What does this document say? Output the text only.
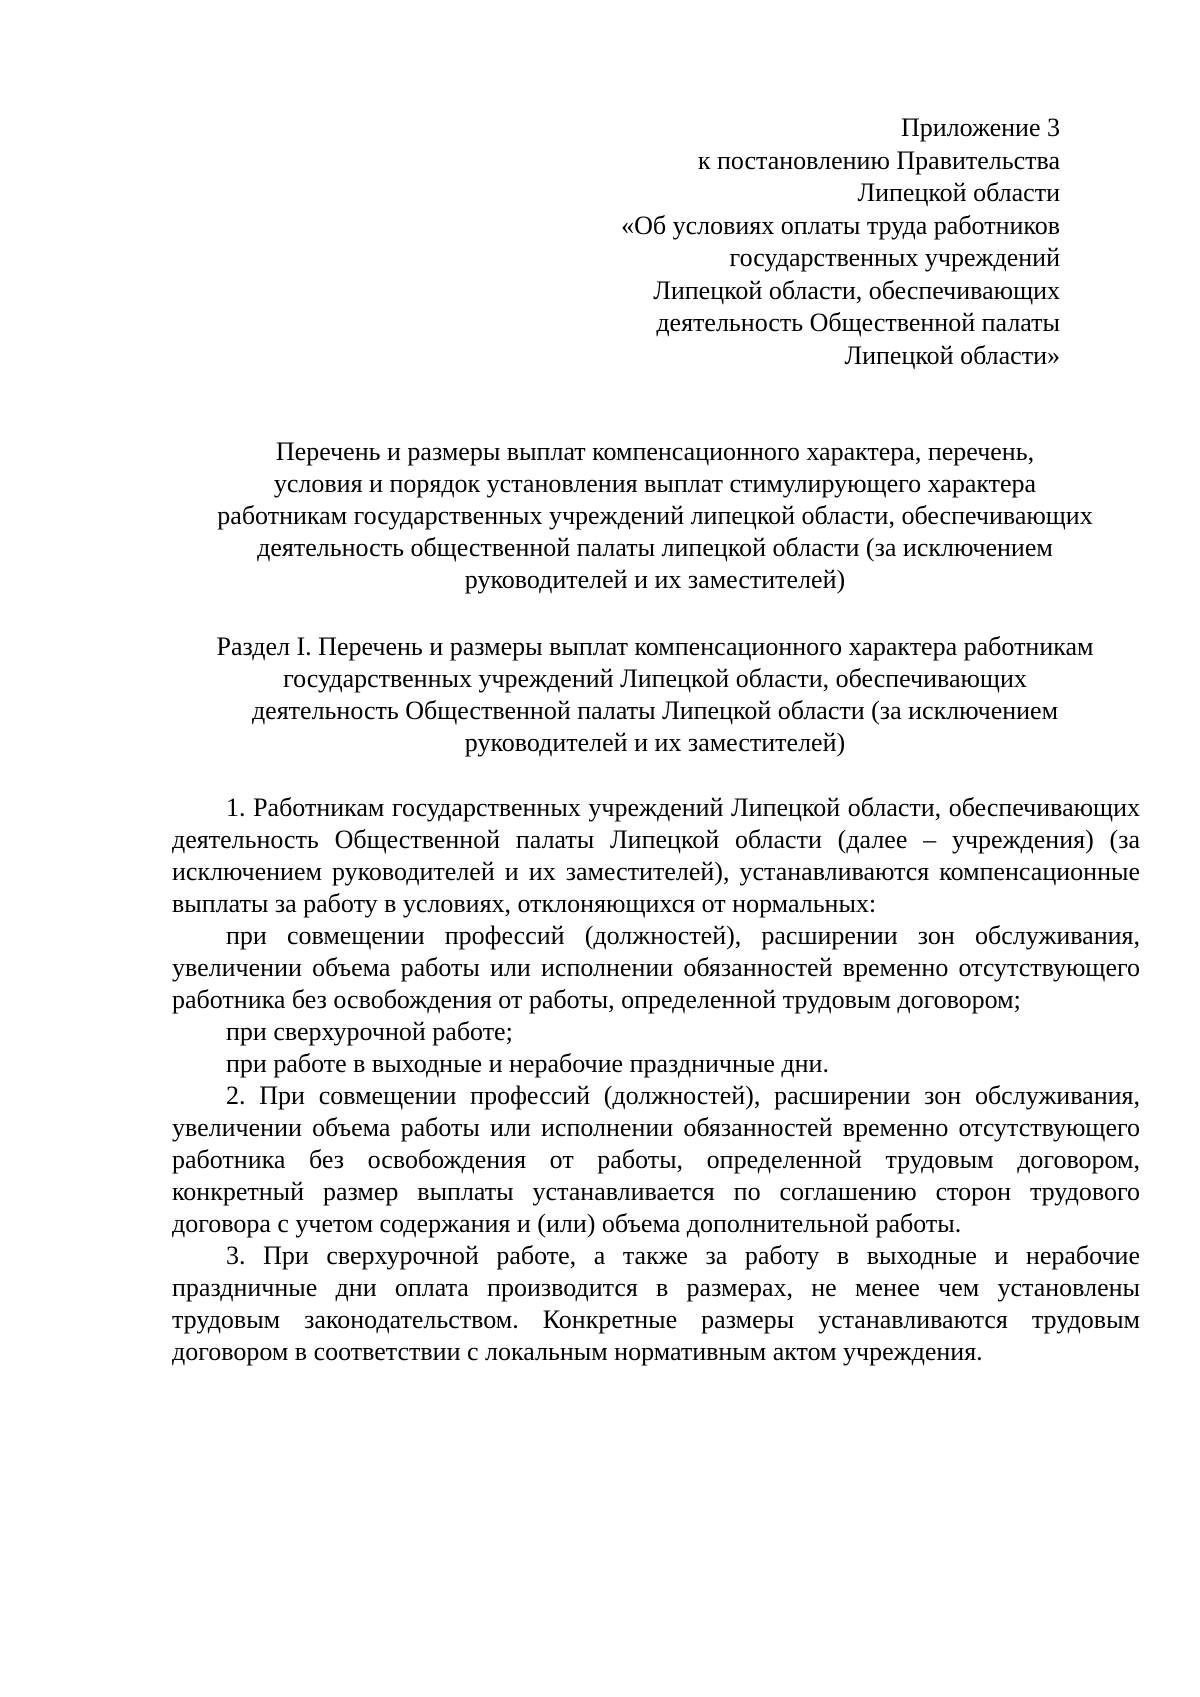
Приложение 3
к постановлению Правительства
Липецкой области
«Об условиях оплаты труда работников
государственных учреждений
Липецкой области, обеспечивающих
деятельность Общественной палаты
Липецкой области»
Перечень и размеры выплат компенсационного характера, перечень,
условия и порядок установления выплат стимулирующего характера
работникам государственных учреждений липецкой области, обеспечивающих
деятельность общественной палаты липецкой области (за исключением
руководителей и их заместителей)
Раздел I. Перечень и размеры выплат компенсационного характера работникам
государственных учреждений Липецкой области, обеспечивающих
деятельность Общественной палаты Липецкой области (за исключением
руководителей и их заместителей)

1. Работникам государственных учреждений Липецкой области, обеспечивающих деятельность Общественной палаты Липецкой области (далее – учреждения) (за исключением руководителей и их заместителей), устанавливаются компенсационные выплаты за работу в условиях, отклоняющихся от нормальных:

при совмещении профессий (должностей), расширении зон обслуживания, увеличении объема работы или исполнении обязанностей временно отсутствующего работника без освобождения от работы, определенной трудовым договором;

при сверхурочной работе;

при работе в выходные и нерабочие праздничные дни.

2. При совмещении профессий (должностей), расширении зон обслуживания, увеличении объема работы или исполнении обязанностей временно отсутствующего работника без освобождения от работы, определенной трудовым договором, конкретный размер выплаты устанавливается по соглашению сторон трудового договора с учетом содержания и (или) объема дополнительной работы.

3. При сверхурочной работе, а также за работу в выходные и нерабочие праздничные дни оплата производится в размерах, не менее чем установлены трудовым законодательством. Конкретные размеры устанавливаются трудовым договором в соответствии с локальным нормативным актом учреждения.
